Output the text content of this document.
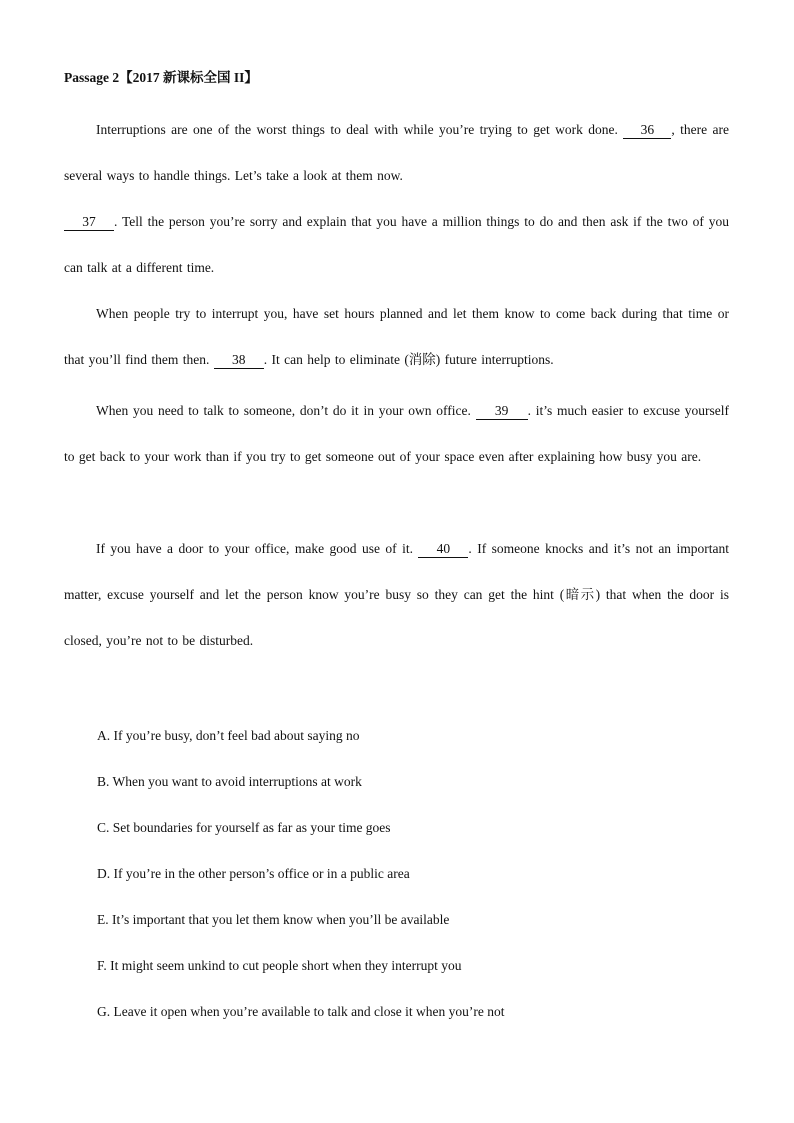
Passage 2【2017 新课标全国 II】

Interruptions are one of the worst things to deal with while you’re trying to get work done. 36 , there are several ways to handle things. Let’s take a look at them now.

37 . Tell the person you’re sorry and explain that you have a million things to do and then ask if the two of you can talk at a different time.

When people try to interrupt you, have set hours planned and let them know to come back during that time or that you’ll find them then. 38 . It can help to eliminate (消除) future interruptions.

When you need to talk to someone, don’t do it in your own office. 39 . it’s much easier to excuse yourself to get back to your work than if you try to get someone out of your space even after explaining how busy you are.

If you have a door to your office, make good use of it. 40 . If someone knocks and it’s not an important matter, excuse yourself and let the person know you’re busy so they can get the hint (暗示) that when the door is closed, you’re not to be disturbed.

A. If you’re busy, don’t feel bad about saying no
B. When you want to avoid interruptions at work
C. Set boundaries for yourself as far as your time goes
D. If you’re in the other person’s office or in a public area
E. It’s important that you let them know when you’ll be available
F. It might seem unkind to cut people short when they interrupt you
G. Leave it open when you’re available to talk and close it when you’re not
